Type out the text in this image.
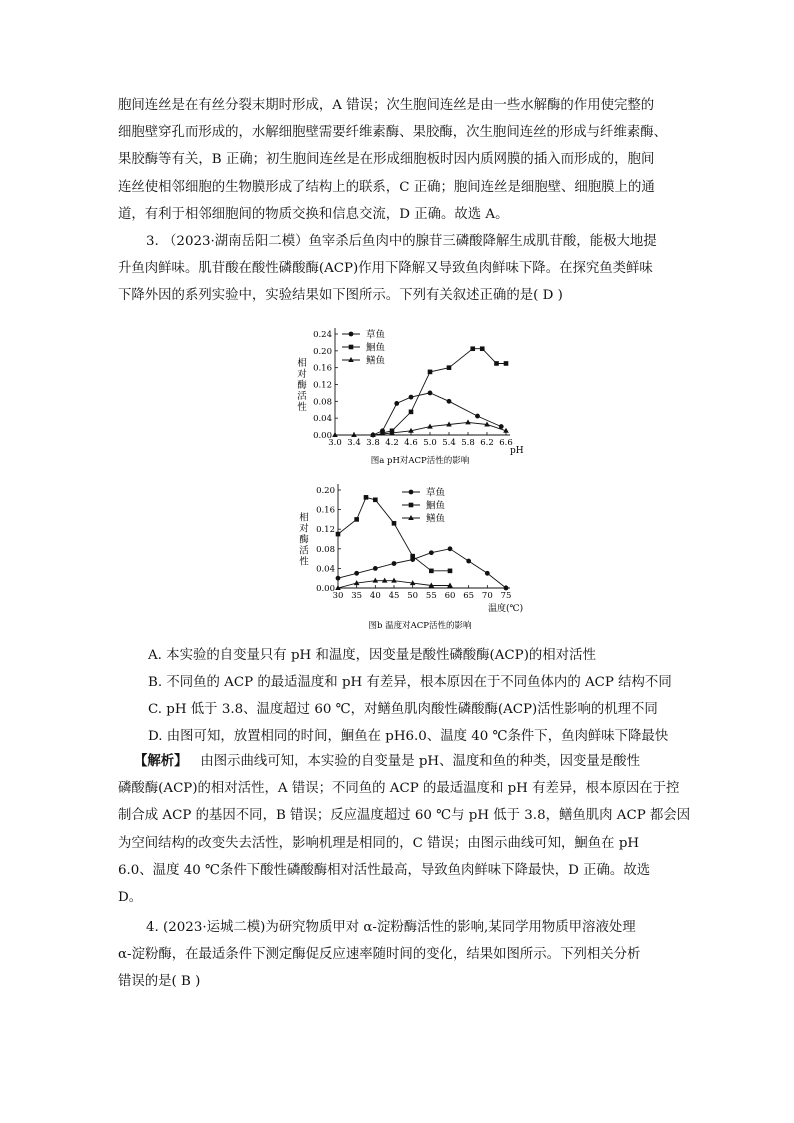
胞间连丝是在有丝分裂末期时形成，A 错误；次生胞间连丝是由一些水解酶的作用使完整的
细胞壁穿孔而形成的，水解细胞壁需要纤维素酶、果胶酶，次生胞间连丝的形成与纤维素酶、
果胶酶等有关，B 正确；初生胞间连丝是在形成细胞板时因内质网膜的插入而形成的，胞间
连丝使相邻细胞的生物膜形成了结构上的联系，C 正确；胞间连丝是细胞壁、细胞膜上的通
道，有利于相邻细胞间的物质交换和信息交流，D 正确。故选 A。
3. （2023·湖南岳阳二模）鱼宰杀后鱼肉中的腺苷三磷酸降解生成肌苷酸，能极大地提
升鱼肉鲜味。肌苷酸在酸性磷酸酶(ACP)作用下降解又导致鱼肉鲜味下降。在探究鱼类鲜味
下降外因的系列实验中，实验结果如下图所示。下列有关叙述正确的是( D )
0.00
0.04
0.08
0.12
0.16
0.20
0.24
3.0 3.4 3.8 4.2 4.6 5.0 5.4 5.8 6.2 6.6
相
对
酶
活
性
pH
图a pH对ACP活性的影响
草鱼
鮰鱼
鳝鱼
0.00
0.04
0.08
0.12
0.16
0.20
30 35 40 45 50 55 60 65 70 75
相
对
酶
活
性
温度(℃)
图b 温度对ACP活性的影响
草鱼
鮰鱼
鳝鱼
A. 本实验的自变量只有 pH 和温度，因变量是酸性磷酸酶(ACP)的相对活性
B. 不同鱼的 ACP 的最适温度和 pH 有差异，根本原因在于不同鱼体内的 ACP 结构不同
C. pH 低于 3.8、温度超过 60 ℃，对鳝鱼肌肉酸性磷酸酶(ACP)活性影响的机理不同
D. 由图可知，放置相同的时间，鮰鱼在 pH6.0、温度 40 ℃条件下，鱼肉鲜味下降最快
【解析】 由图示曲线可知，本实验的自变量是 pH、温度和鱼的种类，因变量是酸性
磷酸酶(ACP)的相对活性，A 错误；不同鱼的 ACP 的最适温度和 pH 有差异，根本原因在于控
制合成 ACP 的基因不同，B 错误；反应温度超过 60 ℃与 pH 低于 3.8，鳝鱼肌肉 ACP 都会因
为空间结构的改变失去活性，影响机理是相同的，C 错误；由图示曲线可知，鮰鱼在 pH
6.0、温度 40 ℃条件下酸性磷酸酶相对活性最高，导致鱼肉鲜味下降最快，D 正确。故选
D。
4. (2023·运城二模)为研究物质甲对 α-淀粉酶活性的影响,某同学用物质甲溶液处理
α-淀粉酶，在最适条件下测定酶促反应速率随时间的变化，结果如图所示。下列相关分析
错误的是( B )
